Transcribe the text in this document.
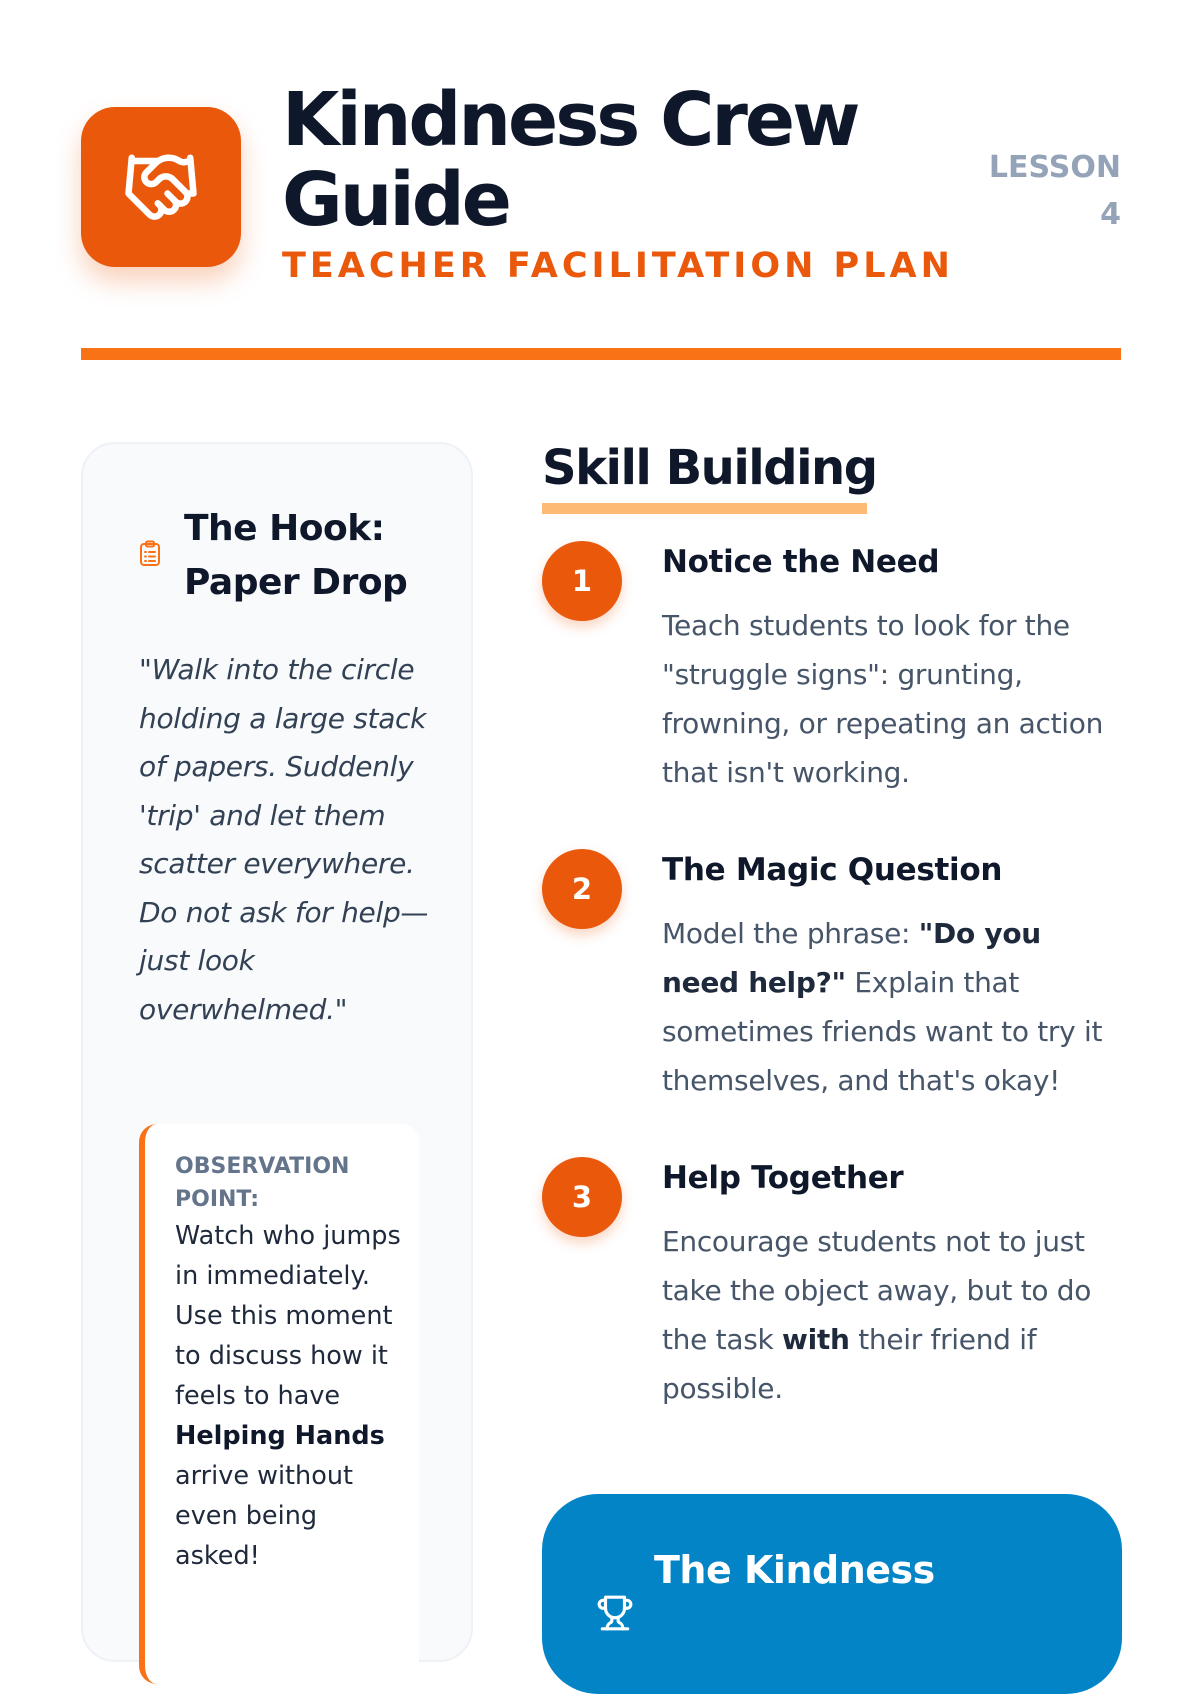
Kindness Crew Guide
TEACHER FACILITATION PLAN
LESSON
4
The Hook: Paper Drop
"Walk into the circle holding a large stack of papers. Suddenly 'trip' and let them scatter everywhere. Do not ask for help—just look overwhelmed."
OBSERVATION POINT:
Watch who jumps in immediately. Use this moment to discuss how it feels to have Helping Hands arrive without even being asked!
Skill Building
1
Notice the Need
Teach students to look for the "struggle signs": grunting, frowning, or repeating an action that isn't working.
2
The Magic Question
Model the phrase: "Do you need help?" Explain that sometimes friends want to try it themselves, and that's okay!
3
Help Together
Encourage students not to just take the object away, but to do the task with their friend if possible.
The Kindness
